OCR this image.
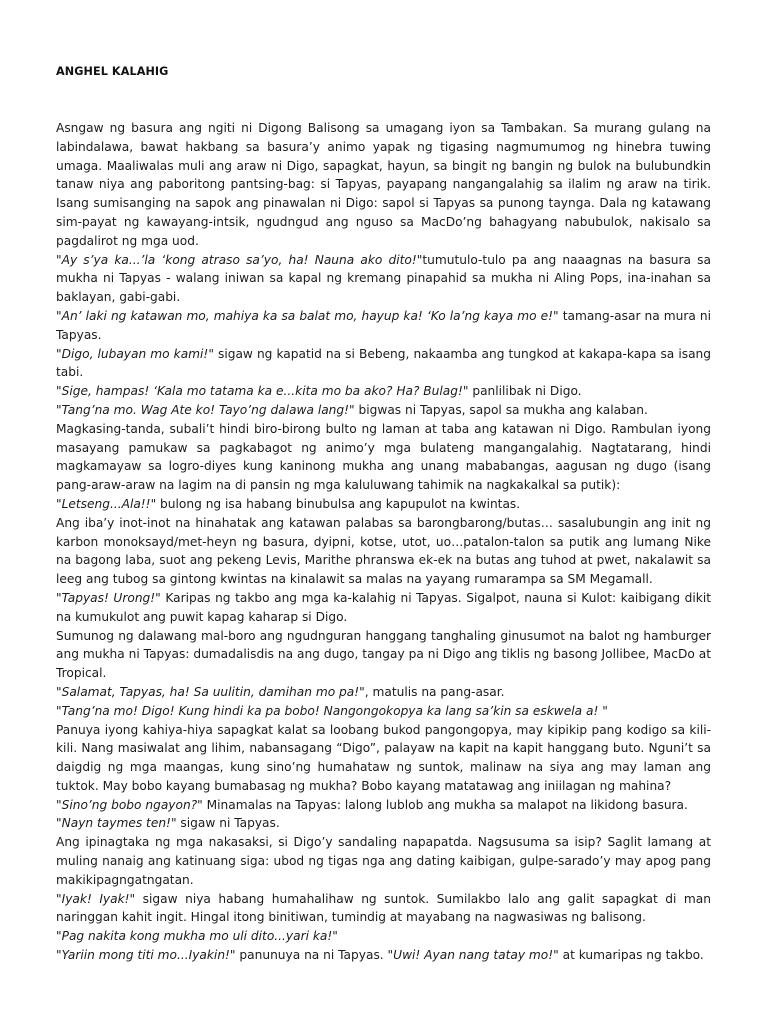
ANGHEL KALAHIG

Asngaw ng basura ang ngiti ni Digong Balisong sa umagang iyon sa Tambakan. Sa murang gulang na labindalawa, bawat hakbang sa basura’y animo yapak ng tigasing nagmumumog ng hinebra tuwing umaga. Maaliwalas muli ang araw ni Digo, sapagkat, hayun, sa bingit ng bangin ng bulok na bulubundkin tanaw niya ang paboritong pantsing-bag: si Tapyas, payapang nangangalahig sa ilalim ng araw na tirik. Isang sumisanging na sapok ang pinawalan ni Digo: sapol si Tapyas sa punong taynga. Dala ng katawang sim-payat ng kawayang-intsik, ngudngud ang nguso sa MacDo’ng bahagyang nabubulok, nakisalo sa pagdalirot ng mga uod.

"Ay s’ya ka...’la ‘kong atraso sa’yo, ha! Nauna ako dito!"tumutulo-tulo pa ang naaagnas na basura sa mukha ni Tapyas - walang iniwan sa kapal ng kremang pinapahid sa mukha ni Aling Pops, ina-inahan sa baklayan, gabi-gabi.

"An’ laki ng katawan mo, mahiya ka sa balat mo, hayup ka! ‘Ko la’ng kaya mo e!" tamang-asar na mura ni Tapyas.

"Digo, lubayan mo kami!" sigaw ng kapatid na si Bebeng, nakaamba ang tungkod at kakapa-kapa sa isang tabi.

"Sige, hampas! ‘Kala mo tatama ka e...kita mo ba ako? Ha? Bulag!" panlilibak ni Digo.

"Tang’na mo. Wag Ate ko! Tayo’ng dalawa lang!" bigwas ni Tapyas, sapol sa mukha ang kalaban.

Magkasing-tanda, subali’t hindi biro-birong bulto ng laman at taba ang katawan ni Digo. Rambulan iyong masayang pamukaw sa pagkabagot ng animo’y mga bulateng mangangalahig. Nagtatarang, hindi magkamayaw sa logro-diyes kung kaninong mukha ang unang mababangas, aagusan ng dugo (isang pang-araw-araw na lagim na di pansin ng mga kaluluwang tahimik na nagkakalkal sa putik):

"Letseng...Ala!!" bulong ng isa habang binubulsa ang kapupulot na kwintas.

Ang iba’y inot-inot na hinahatak ang katawan palabas sa barongbarong/butas… sasalubungin ang init ng karbon monoksayd/met-heyn ng basura, dyipni, kotse, utot, uo…patalon-talon sa putik ang lumang Nike na bagong laba, suot ang pekeng Levis, Marithe phranswa ek-ek na butas ang tuhod at pwet, nakalawit sa leeg ang tubog sa gintong kwintas na kinalawit sa malas na yayang rumarampa sa SM Megamall.

"Tapyas! Urong!" Karipas ng takbo ang mga ka-kalahig ni Tapyas. Sigalpot, nauna si Kulot: kaibigang dikit na kumukulot ang puwit kapag kaharap si Digo.

Sumunog ng dalawang mal-boro ang ngudnguran hanggang tanghaling ginusumot na balot ng hamburger ang mukha ni Tapyas: dumadalisdis na ang dugo, tangay pa ni Digo ang tiklis ng basong Jollibee, MacDo at Tropical.

"Salamat, Tapyas, ha! Sa uulitin, damihan mo pa!", matulis na pang-asar.

"Tang’na mo! Digo! Kung hindi ka pa bobo! Nangongokopya ka lang sa’kin sa eskwela a! "

Panuya iyong kahiya-hiya sapagkat kalat sa loobang bukod pangongopya, may kipikip pang kodigo sa kili-kili. Nang masiwalat ang lihim, nabansagang “Digo”, palayaw na kapit na kapit hanggang buto. Nguni’t sa daigdig ng mga maangas, kung sino’ng humahataw ng suntok, malinaw na siya ang may laman ang tuktok. May bobo kayang bumabasag ng mukha? Bobo kayang matatawag ang iniilagan ng mahina?

"Sino’ng bobo ngayon?" Minamalas na Tapyas: lalong lublob ang mukha sa malapot na likidong basura.

"Nayn taymes ten!" sigaw ni Tapyas.

Ang ipinagtaka ng mga nakasaksi, si Digo’y sandaling napapatda. Nagsusuma sa isip? Saglit lamang at muling nanaig ang katinuang siga: ubod ng tigas nga ang dating kaibigan, gulpe-sarado’y may apog pang makikipagngatngatan.

"Iyak! Iyak!" sigaw niya habang humahalihaw ng suntok. Sumilakbo lalo ang galit sapagkat di man naringgan kahit ingit. Hingal itong binitiwan, tumindig at mayabang na nagwasiwas ng balisong.

"Pag nakita kong mukha mo uli dito...yari ka!"

"Yariin mong titi mo...Iyakin!" panunuya na ni Tapyas. "Uwi! Ayan nang tatay mo!" at kumaripas ng takbo.
